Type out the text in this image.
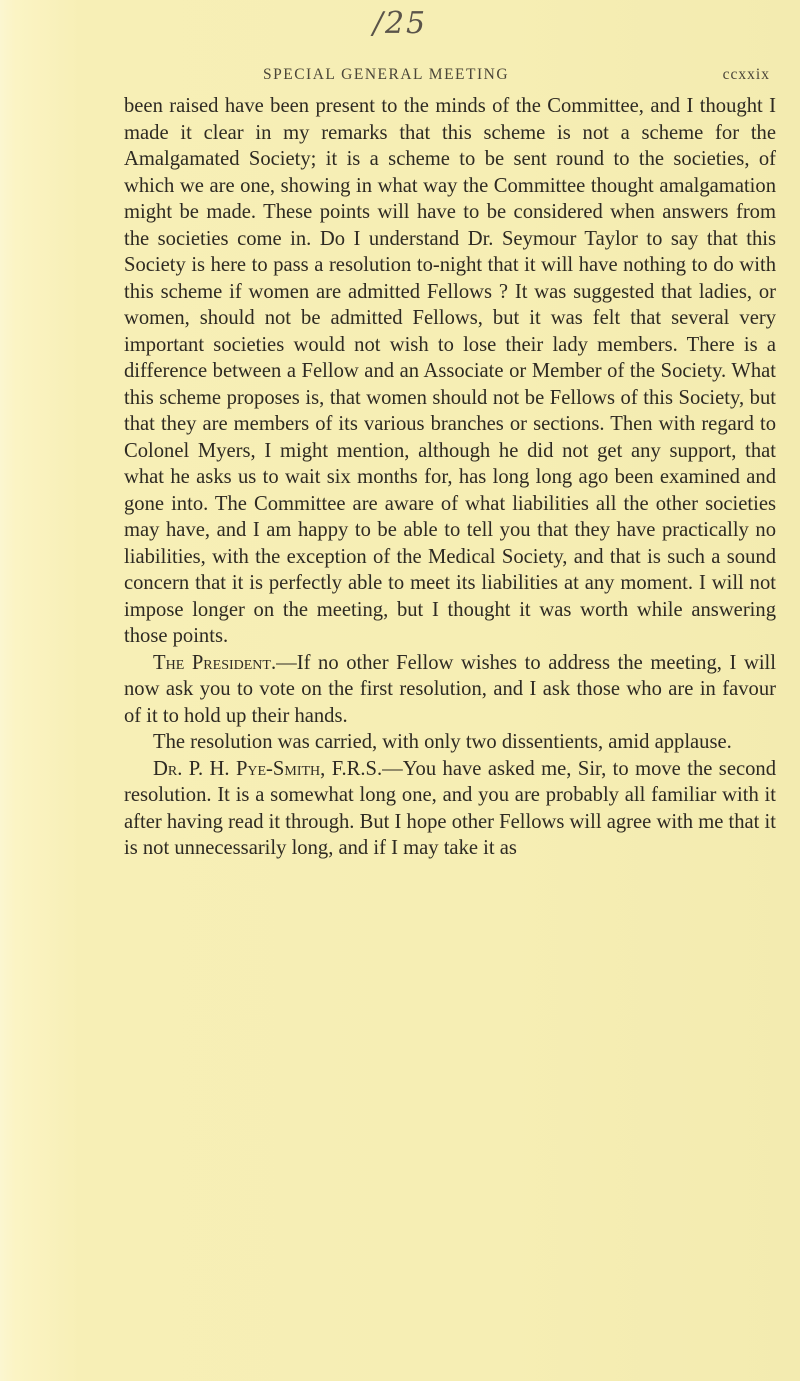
/25
SPECIAL GENERAL MEETING	ccxxix

been raised have been present to the minds of the Committee, and I thought I made it clear in my remarks that this scheme is not a scheme for the Amalgamated Society; it is a scheme to be sent round to the societies, of which we are one, showing in what way the Committee thought amalgamation might be made. These points will have to be considered when answers from the societies come in. Do I understand Dr. Seymour Taylor to say that this Society is here to pass a resolution to-night that it will have nothing to do with this scheme if women are admitted Fellows ? It was suggested that ladies, or women, should not be admitted Fellows, but it was felt that several very important societies would not wish to lose their lady members. There is a difference between a Fellow and an Associate or Member of the Society. What this scheme proposes is, that women should not be Fellows of this Society, but that they are members of its various branches or sections. Then with regard to Colonel Myers, I might mention, although he did not get any support, that what he asks us to wait six months for, has long long ago been examined and gone into. The Committee are aware of what liabilities all the other societies may have, and I am happy to be able to tell you that they have practically no liabilities, with the exception of the Medical Society, and that is such a sound concern that it is perfectly able to meet its liabilities at any moment. I will not impose longer on the meeting, but I thought it was worth while answering those points.

The President.—If no other Fellow wishes to address the meeting, I will now ask you to vote on the first resolution, and I ask those who are in favour of it to hold up their hands.

The resolution was carried, with only two dissentients, amid applause.

Dr. P. H. Pye-Smith, F.R.S.—You have asked me, Sir, to move the second resolution. It is a somewhat long one, and you are probably all familiar with it after having read it through. But I hope other Fellows will agree with me that it is not unnecessarily long, and if I may take it as
